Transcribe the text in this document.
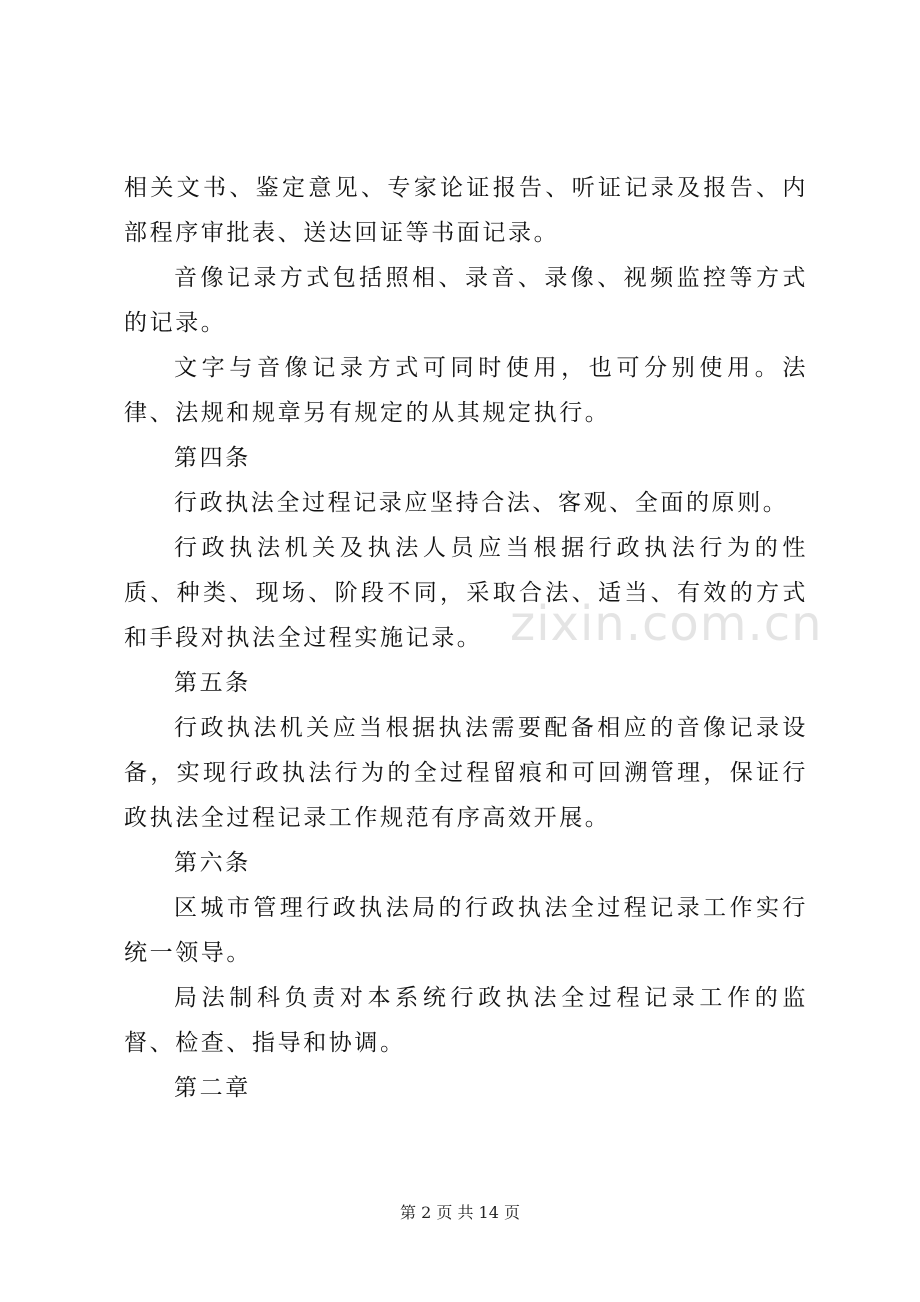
相关文书、鉴定意见、专家论证报告、听证记录及报告、内部程序审批表、送达回证等书面记录。

音像记录方式包括照相、录音、录像、视频监控等方式的记录。

文字与音像记录方式可同时使用，也可分别使用。法律、法规和规章另有规定的从其规定执行。

第四条

行政执法全过程记录应坚持合法、客观、全面的原则。

行政执法机关及执法人员应当根据行政执法行为的性质、种类、现场、阶段不同，采取合法、适当、有效的方式和手段对执法全过程实施记录。

第五条

行政执法机关应当根据执法需要配备相应的音像记录设备，实现行政执法行为的全过程留痕和可回溯管理，保证行政执法全过程记录工作规范有序高效开展。

第六条

区城市管理行政执法局的行政执法全过程记录工作实行统一领导。

局法制科负责对本系统行政执法全过程记录工作的监督、检查、指导和协调。

第二章

zixin.com.cn
第 2 页 共 14 页
